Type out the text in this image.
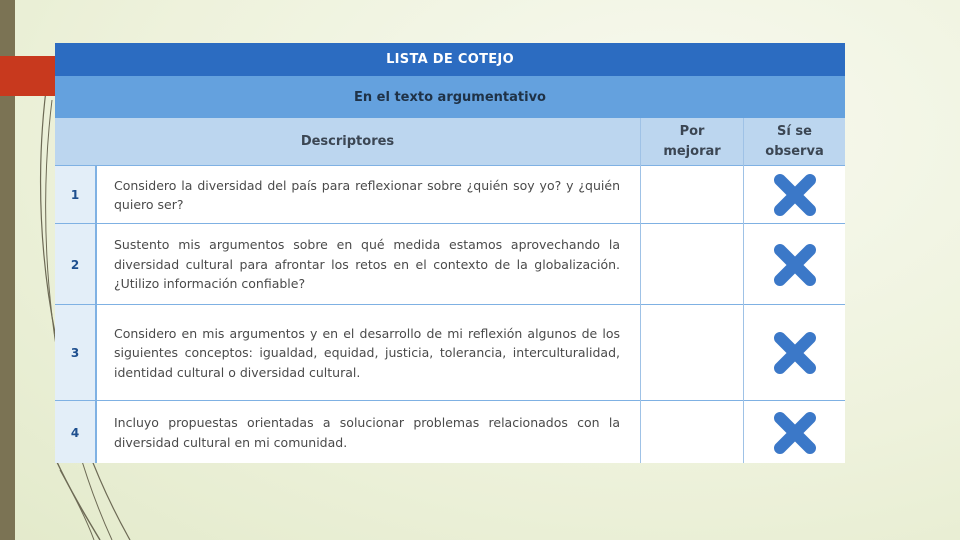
LISTA DE COTEJO
En el texto argumentativo
Descriptores
Por mejorar
Sí se observa
1
Considero la diversidad del país para reflexionar sobre ¿quién soy yo? y ¿quién quiero ser?
2
Sustento mis argumentos sobre en qué medida estamos aprovechando la diversidad cultural para afrontar los retos en el contexto de la globalización. ¿Utilizo información confiable?
3
Considero en mis argumentos y en el desarrollo de mi reflexión algunos de los siguientes conceptos: igualdad, equidad, justicia, tolerancia, interculturalidad, identidad cultural o diversidad cultural.
4
Incluyo propuestas orientadas a solucionar problemas relacionados con la diversidad cultural en mi comunidad.
